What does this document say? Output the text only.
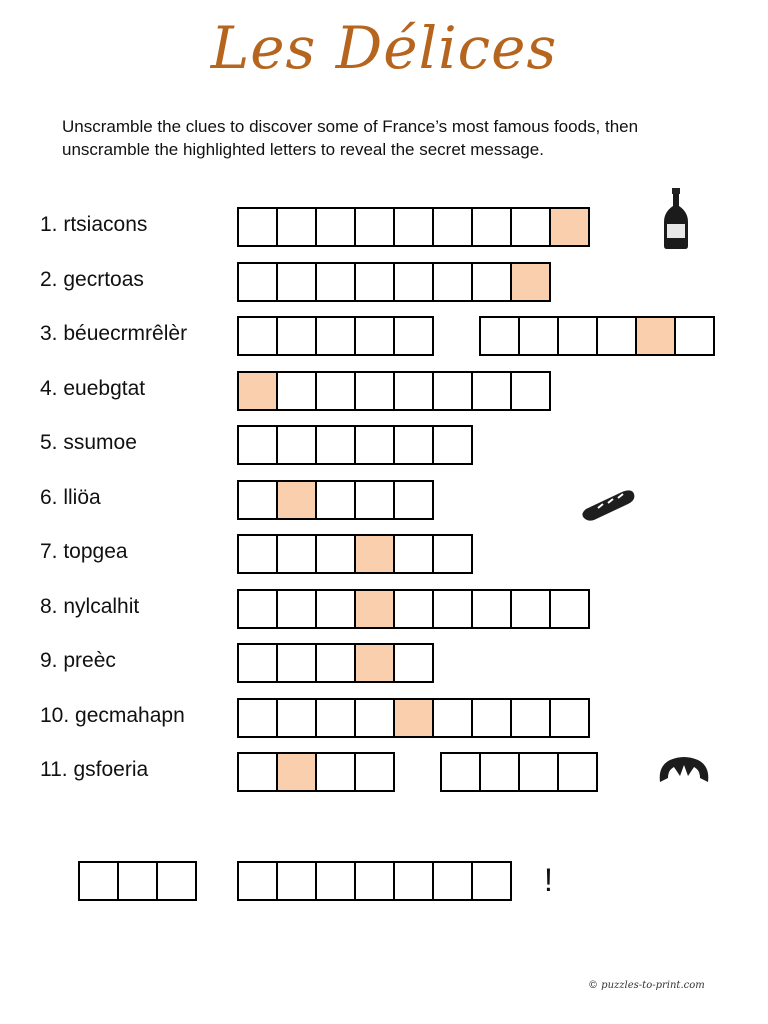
Les Délices
Unscramble the clues to discover some of France’s most famous foods, then unscramble the highlighted letters to reveal the secret message.
1. rtsiacons
2. gecrtoas
3. béuecrmrêlèr
4. euebgtat
5. ssumoe
6. lliöa
7. topgea
8. nylcalhit
9. preèc
10. gecmahapn
11. gsfoeria
!
© puzzles-to-print.com
